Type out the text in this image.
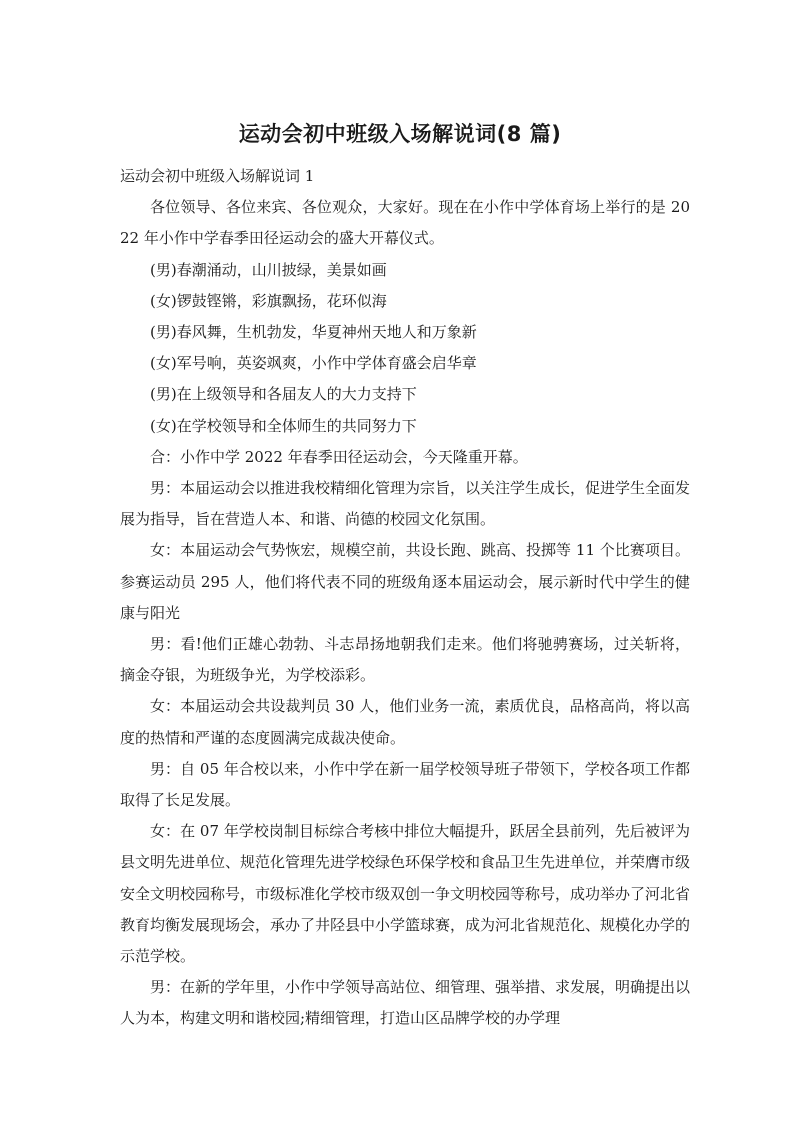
运动会初中班级入场解说词(8 篇)

运动会初中班级入场解说词 1

各位领导、各位来宾、各位观众，大家好。现在在小作中学体育场上举行的是 2022 年小作中学春季田径运动会的盛大开幕仪式。

(男)春潮涌动，山川披绿，美景如画

(女)锣鼓铿锵，彩旗飘扬，花环似海

(男)春风舞，生机勃发，华夏神州天地人和万象新

(女)军号响，英姿飒爽，小作中学体育盛会启华章

(男)在上级领导和各届友人的大力支持下

(女)在学校领导和全体师生的共同努力下

合：小作中学 2022 年春季田径运动会，今天隆重开幕。

男：本届运动会以推进我校精细化管理为宗旨，以关注学生成长，促进学生全面发展为指导，旨在营造人本、和谐、尚德的校园文化氛围。

女：本届运动会气势恢宏，规模空前，共设长跑、跳高、投掷等 11 个比赛项目。参赛运动员 295 人，他们将代表不同的班级角逐本届运动会，展示新时代中学生的健康与阳光

男：看!他们正雄心勃勃、斗志昂扬地朝我们走来。他们将驰骋赛场，过关斩将，摘金夺银，为班级争光，为学校添彩。

女：本届运动会共设裁判员 30 人，他们业务一流，素质优良，品格高尚，将以高度的热情和严谨的态度圆满完成裁决使命。

男：自 05 年合校以来，小作中学在新一届学校领导班子带领下，学校各项工作都取得了长足发展。

女：在 07 年学校岗制目标综合考核中排位大幅提升，跃居全县前列，先后被评为县文明先进单位、规范化管理先进学校绿色环保学校和食品卫生先进单位，并荣膺市级安全文明校园称号，市级标准化学校市级双创一争文明校园等称号，成功举办了河北省教育均衡发展现场会，承办了井陉县中小学篮球赛，成为河北省规范化、规模化办学的示范学校。

男：在新的学年里，小作中学领导高站位、细管理、强举措、求发展，明确提出以人为本，构建文明和谐校园;精细管理，打造山区品牌学校的办学理
